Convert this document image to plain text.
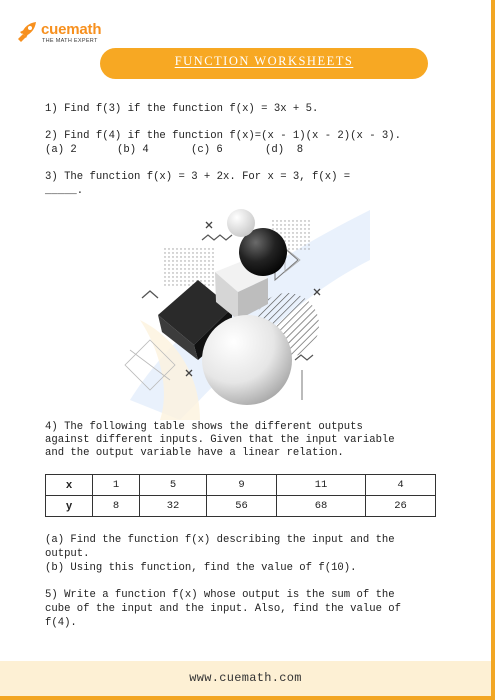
cuemath
THE MATH EXPERT
FUNCTION WORKSHEETS
1) Find f(3) if the function f(x) = 3x + 5.
2) Find f(4) if the function f(x)=(x - 1)(x - 2)(x - 3).
(a) 2	(b) 4	(c) 6	(d)  8
3) The function f(x) = 3 + 2x. For x = 3, f(x) =
_____.
4) The following table shows the different outputs
against different inputs. Given that the input variable
and the output variable have a linear relation.
x	1	5	9	11	4
y	8	32	56	68	26
(a) Find the function f(x) describing the input and the
output.
(b) Using this function, find the value of f(10).
5) Write a function f(x) whose output is the sum of the
cube of the input and the input. Also, find the value of
f(4).
www.cuemath.com
